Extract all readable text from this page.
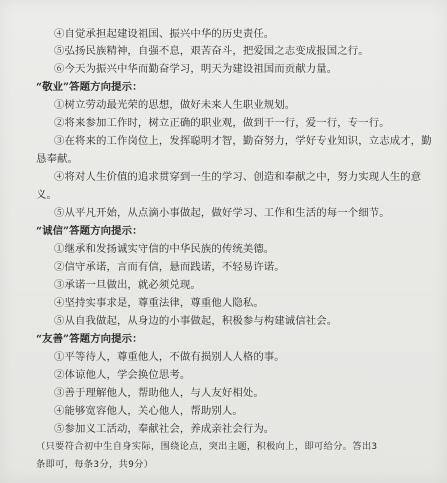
④自觉承担起建设祖国、振兴中华的历史责任。
⑤弘扬民族精神，自强不息，艰苦奋斗，把爱国之志变成报国之行。
⑥今天为振兴中华而勤奋学习，明天为建设祖国而贡献力量。
“敬业”答题方向提示：
①树立劳动最光荣的思想，做好未来人生职业规划。
②将来参加工作时，树立正确的职业观，做到干一行，爱一行，专一行。
③在将来的工作岗位上，发挥聪明才智，勤奋努力，学好专业知识，立志成才，勤
恳奉献。
④将对人生价值的追求贯穿到一生的学习、创造和奉献之中，努力实现人生的意
义。
⑤从平凡开始，从点滴小事做起，做好学习、工作和生活的每一个细节。
“诚信”答题方向提示：
①继承和发扬诚实守信的中华民族的传统美德。
②信守承诺，言而有信，悬而践诺，不轻易许诺。
③承诺一旦做出，就必须兑现。
④坚持实事求是，尊重法律，尊重他人隐私。
⑤从自我做起，从身边的小事做起，积极参与构建诚信社会。
“友善”答题方向提示：
①平等待人，尊重他人，不做有损别人人格的事。
②体谅他人，学会换位思考。
③善于理解他人，帮助他人，与人友好相处。
④能够宽容他人，关心他人，帮助别人。
⑤参加义工活动，奉献社会，养成亲社会行为。
（只要符合初中生自身实际，围绕论点，突出主题，积极向上，即可给分。答出3
条即可，每条3分，共9分）
